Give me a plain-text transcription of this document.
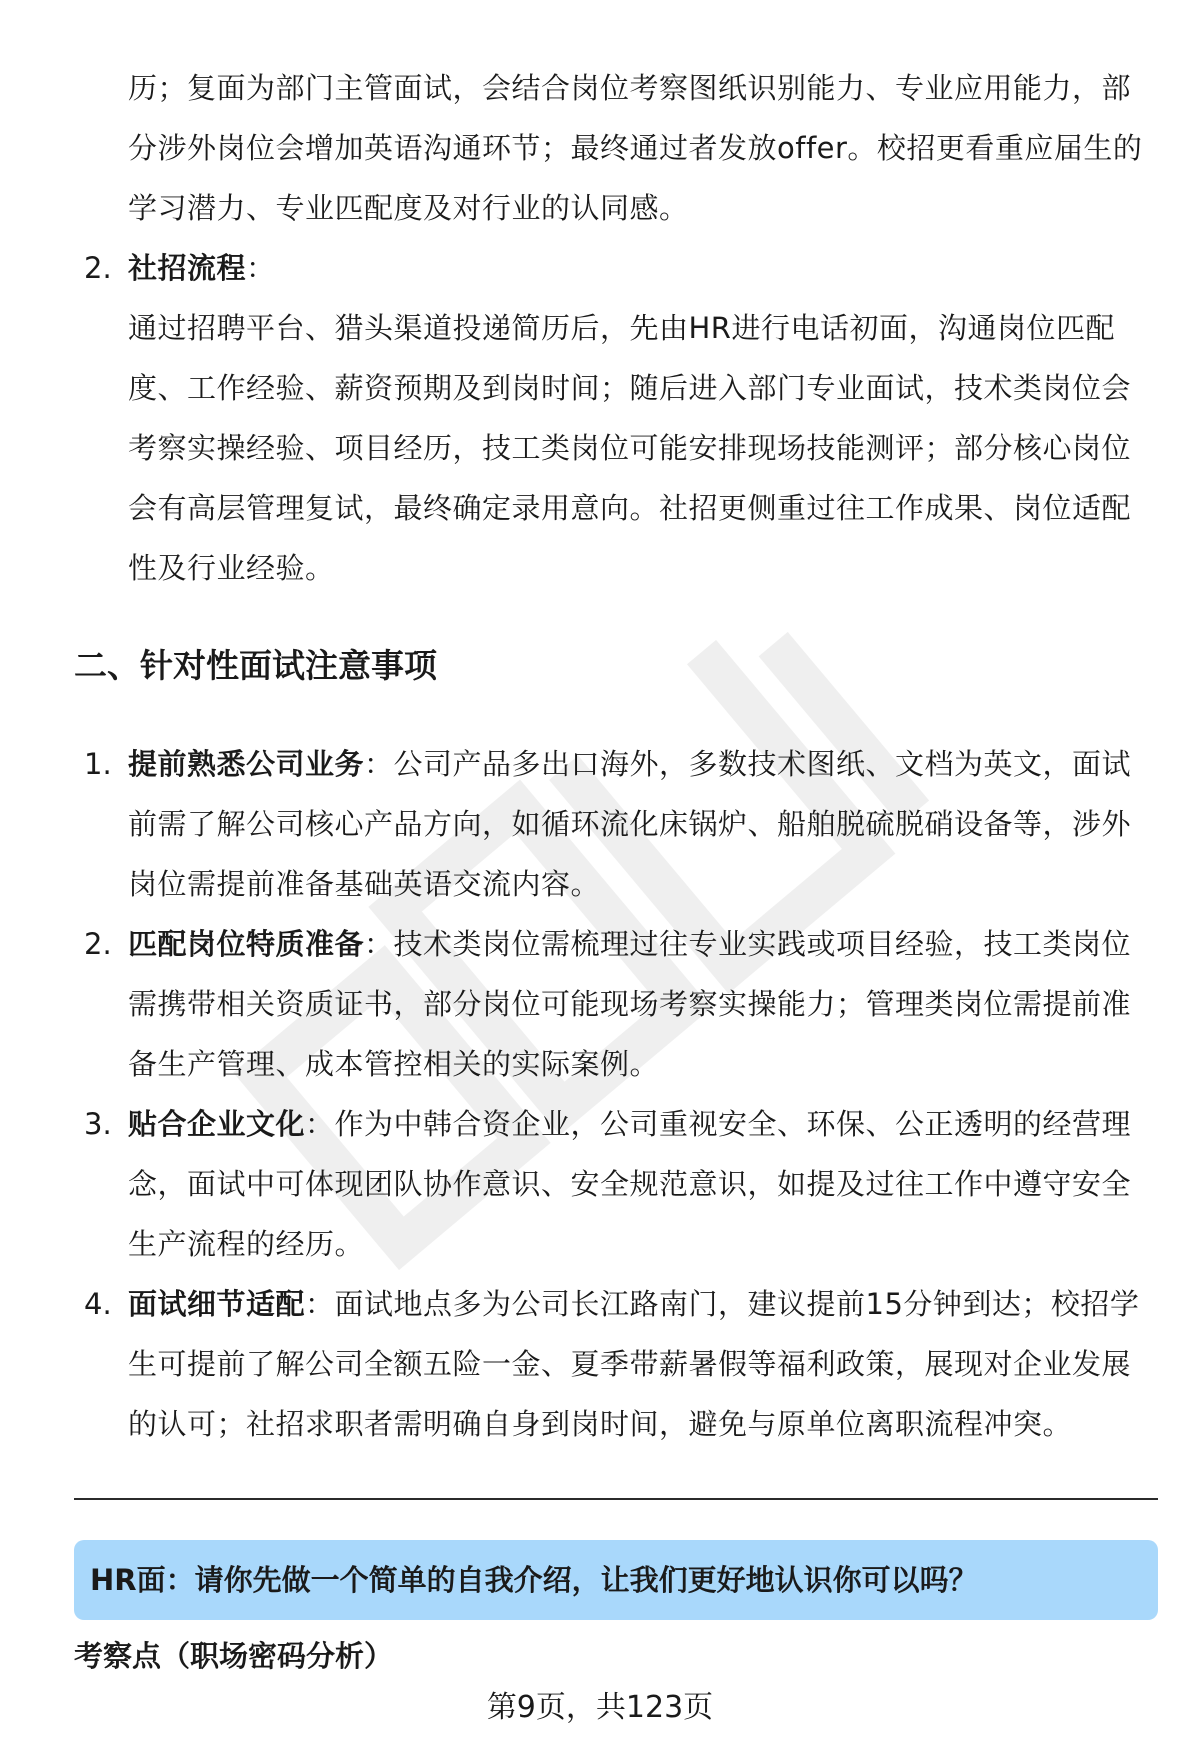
历；复面为部门主管面试，会结合岗位考察图纸识别能力、专业应用能力，部分涉外岗位会增加英语沟通环节；最终通过者发放offer。校招更看重应届生的学习潜力、专业匹配度及对行业的认同感。
2. 社招流程：
通过招聘平台、猎头渠道投递简历后，先由HR进行电话初面，沟通岗位匹配度、工作经验、薪资预期及到岗时间；随后进入部门专业面试，技术类岗位会考察实操经验、项目经历，技工类岗位可能安排现场技能测评；部分核心岗位会有高层管理复试，最终确定录用意向。社招更侧重过往工作成果、岗位适配性及行业经验。
二、针对性面试注意事项
1. 提前熟悉公司业务：公司产品多出口海外，多数技术图纸、文档为英文，面试前需了解公司核心产品方向，如循环流化床锅炉、船舶脱硫脱硝设备等，涉外岗位需提前准备基础英语交流内容。
2. 匹配岗位特质准备：技术类岗位需梳理过往专业实践或项目经验，技工类岗位需携带相关资质证书，部分岗位可能现场考察实操能力；管理类岗位需提前准备生产管理、成本管控相关的实际案例。
3. 贴合企业文化：作为中韩合资企业，公司重视安全、环保、公正透明的经营理念，面试中可体现团队协作意识、安全规范意识，如提及过往工作中遵守安全生产流程的经历。
4. 面试细节适配：面试地点多为公司长江路南门，建议提前15分钟到达；校招学生可提前了解公司全额五险一金、夏季带薪暑假等福利政策，展现对企业发展的认可；社招求职者需明确自身到岗时间，避免与原单位离职流程冲突。
HR面：请你先做一个简单的自我介绍，让我们更好地认识你可以吗？
考察点（职场密码分析）
第9页，共123页
